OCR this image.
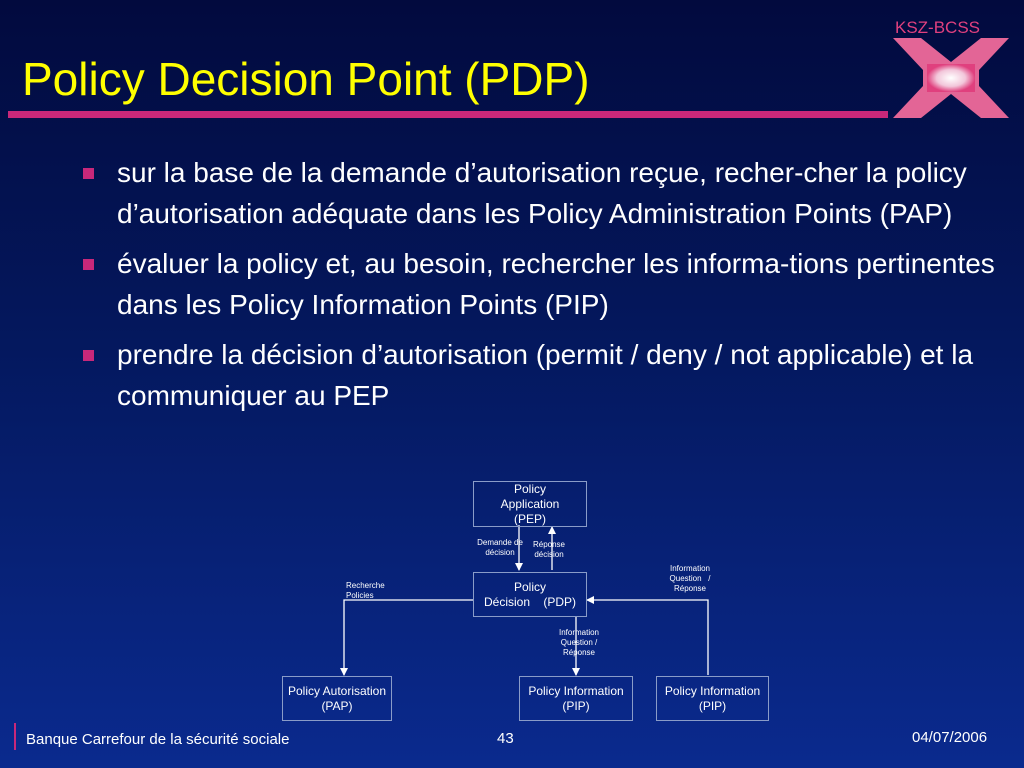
Policy Decision Point (PDP)
KSZ-BCSS
sur la base de la demande d’autorisation reçue, recher-cher la policy d’autorisation adéquate dans les Policy Administration Points (PAP)
évaluer la policy et, au besoin, rechercher les informa-tions pertinentes dans les Policy Information Points (PIP)
prendre la décision d’autorisation (permit / deny / not applicable) et la communiquer au PEP
Policy
Application
(PEP)
Policy
Décision    (PDP)
Policy Autorisation
(PAP)
Policy Information
(PIP)
Policy Information
(PIP)
Demande de
décision
Réponse
décision
Recherche
Policies
Information
Question /
Réponse
Information
Question   /
Réponse
Banque Carrefour de la sécurité sociale	43	04/07/2006
